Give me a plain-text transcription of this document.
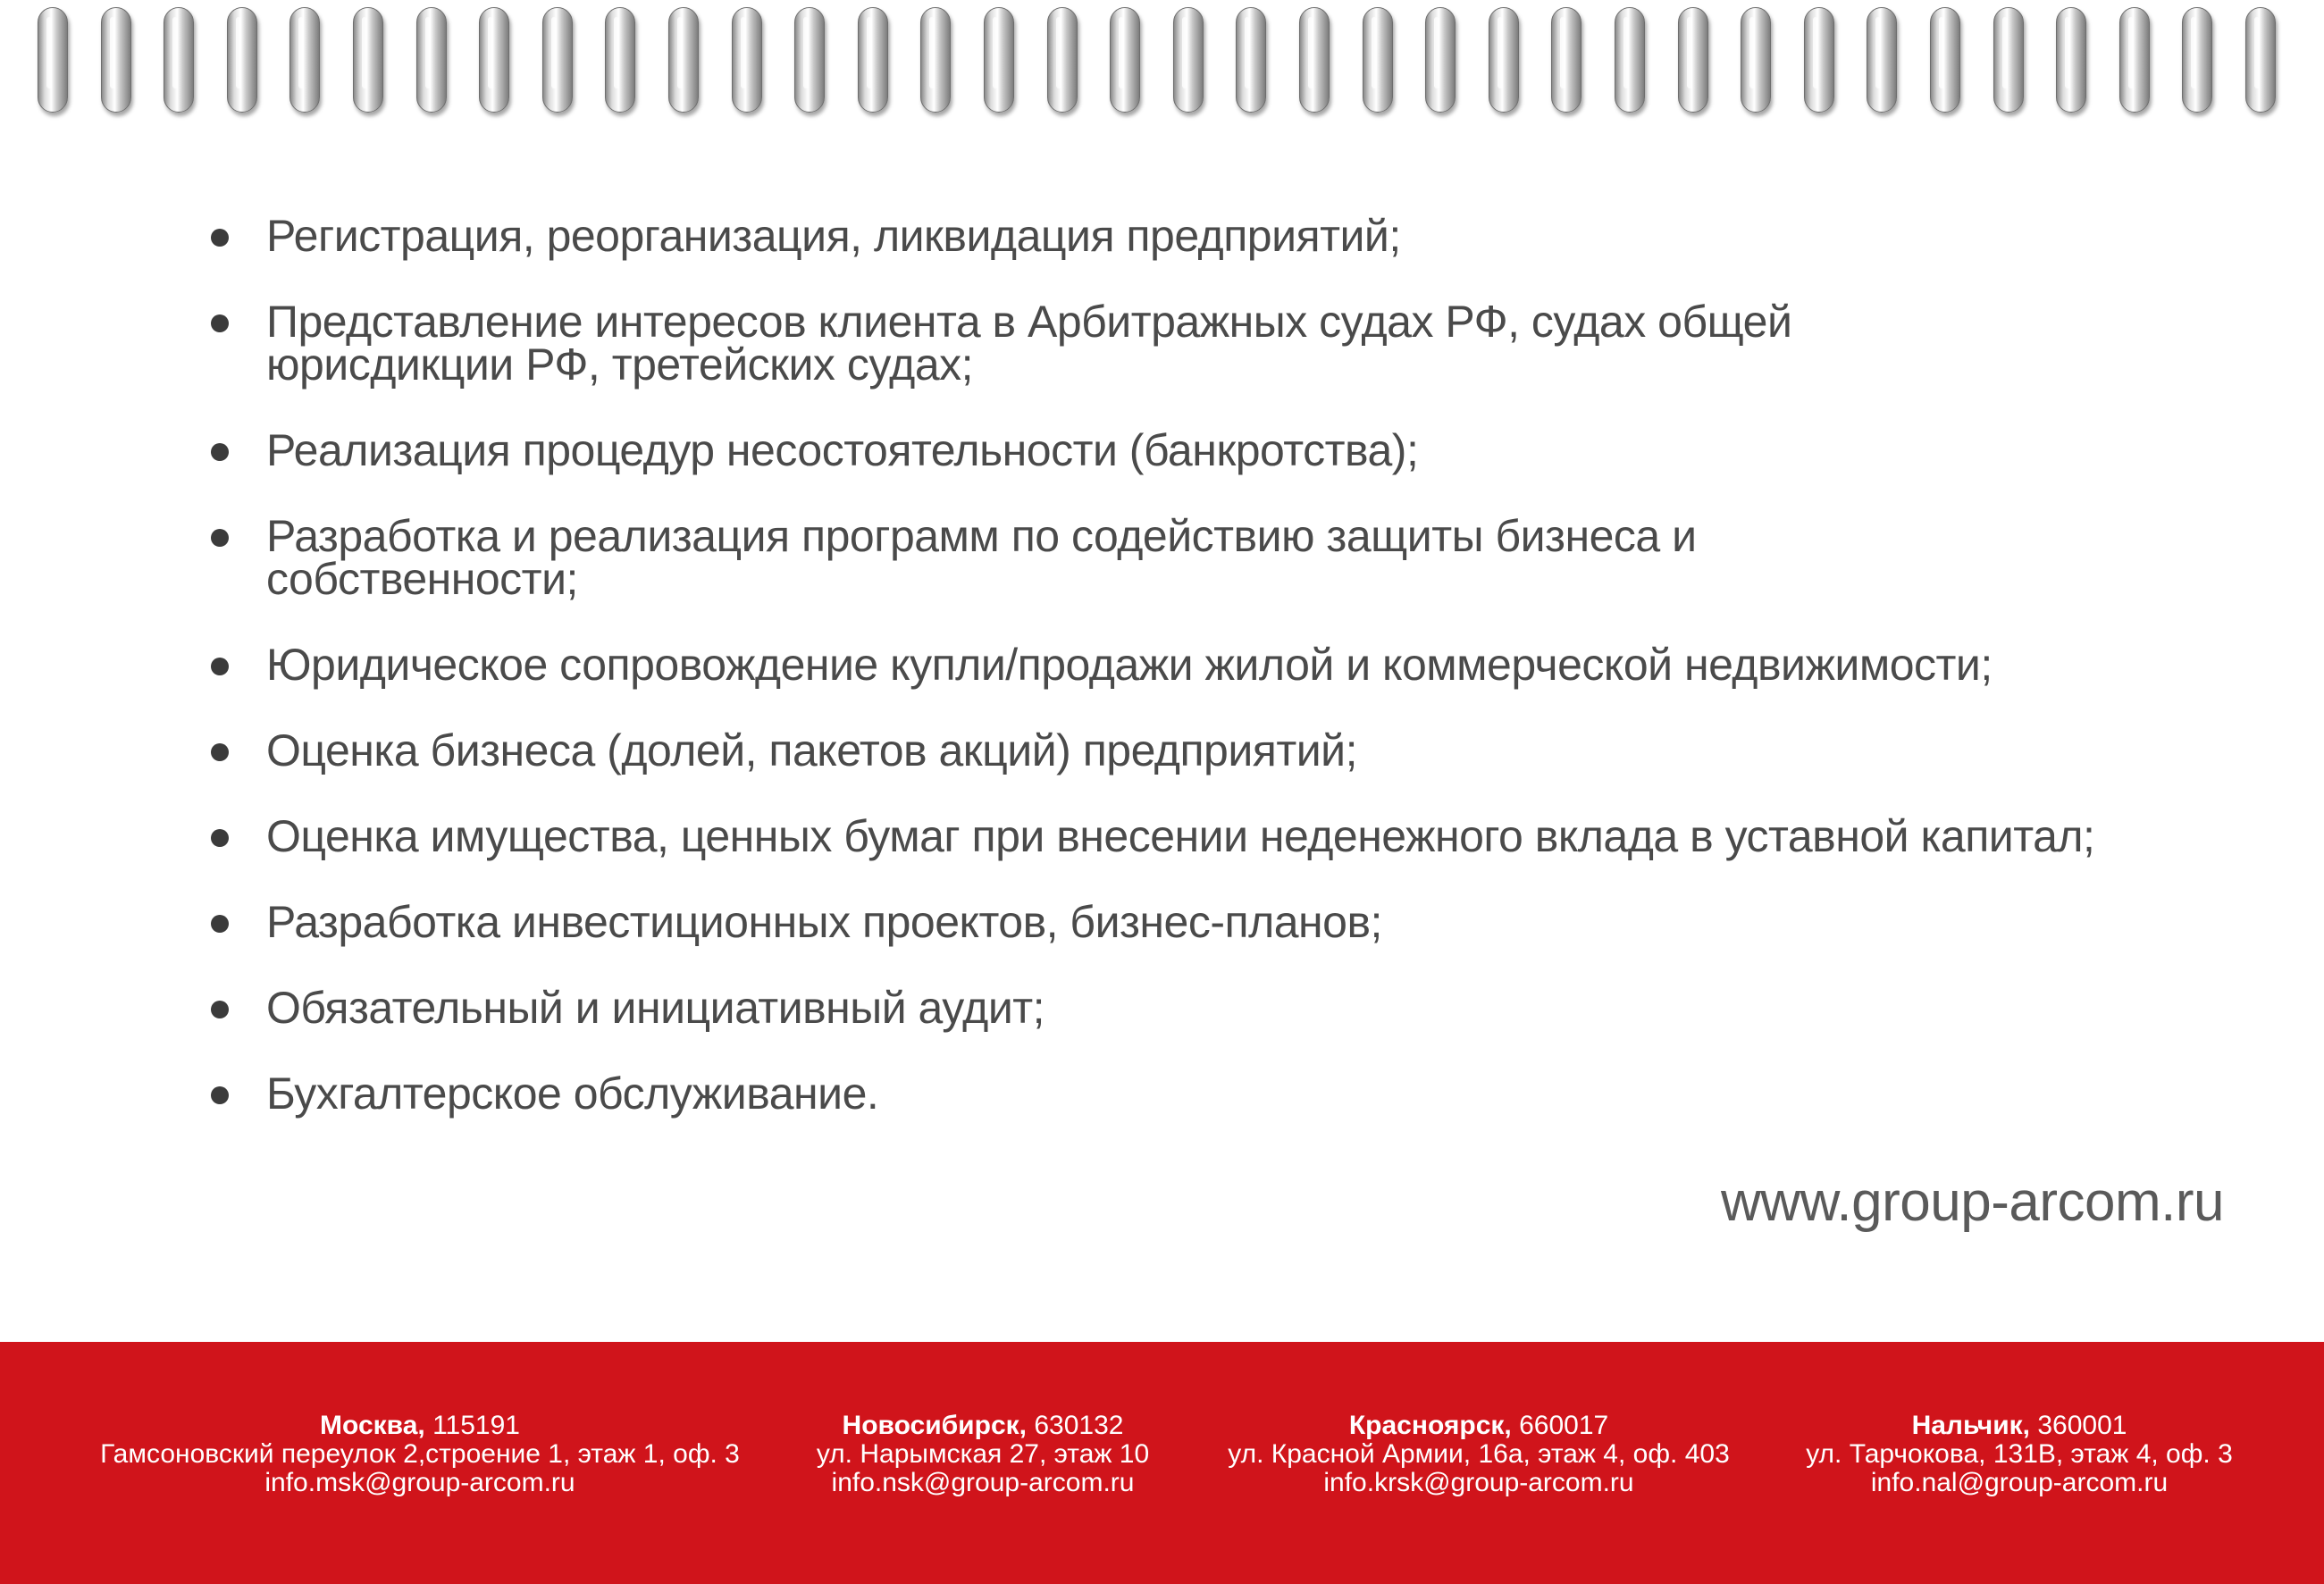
Регистрация, реорганизация, ликвидация предприятий;
Представление интересов клиента в Арбитражных судах РФ, судах общей юрисдикции РФ, третейских судах;
Реализация процедур несостоятельности (банкротства);
Разработка и реализация программ по содействию защиты бизнеса и собственности;
Юридическое сопровождение купли/продажи жилой и коммерческой недвижимости;
Оценка бизнеса (долей, пакетов акций) предприятий;
Оценка имущества, ценных бумаг при внесении неденежного вклада в уставной капитал;
Разработка инвестиционных проектов, бизнес-планов;
Обязательный и инициативный аудит;
Бухгалтерское обслуживание.
www.group-arcom.ru
Москва, 115191
Гамсоновский переулок 2,строение 1, этаж 1, оф. 3
info.msk@group-arcom.ru
Новосибирск, 630132
ул. Нарымская 27, этаж 10
info.nsk@group-arcom.ru
Красноярск, 660017
ул. Красной Армии, 16а, этаж 4, оф. 403
info.krsk@group-arcom.ru
Нальчик, 360001
ул. Тарчокова, 131В, этаж 4, оф. 3
info.nal@group-arcom.ru
